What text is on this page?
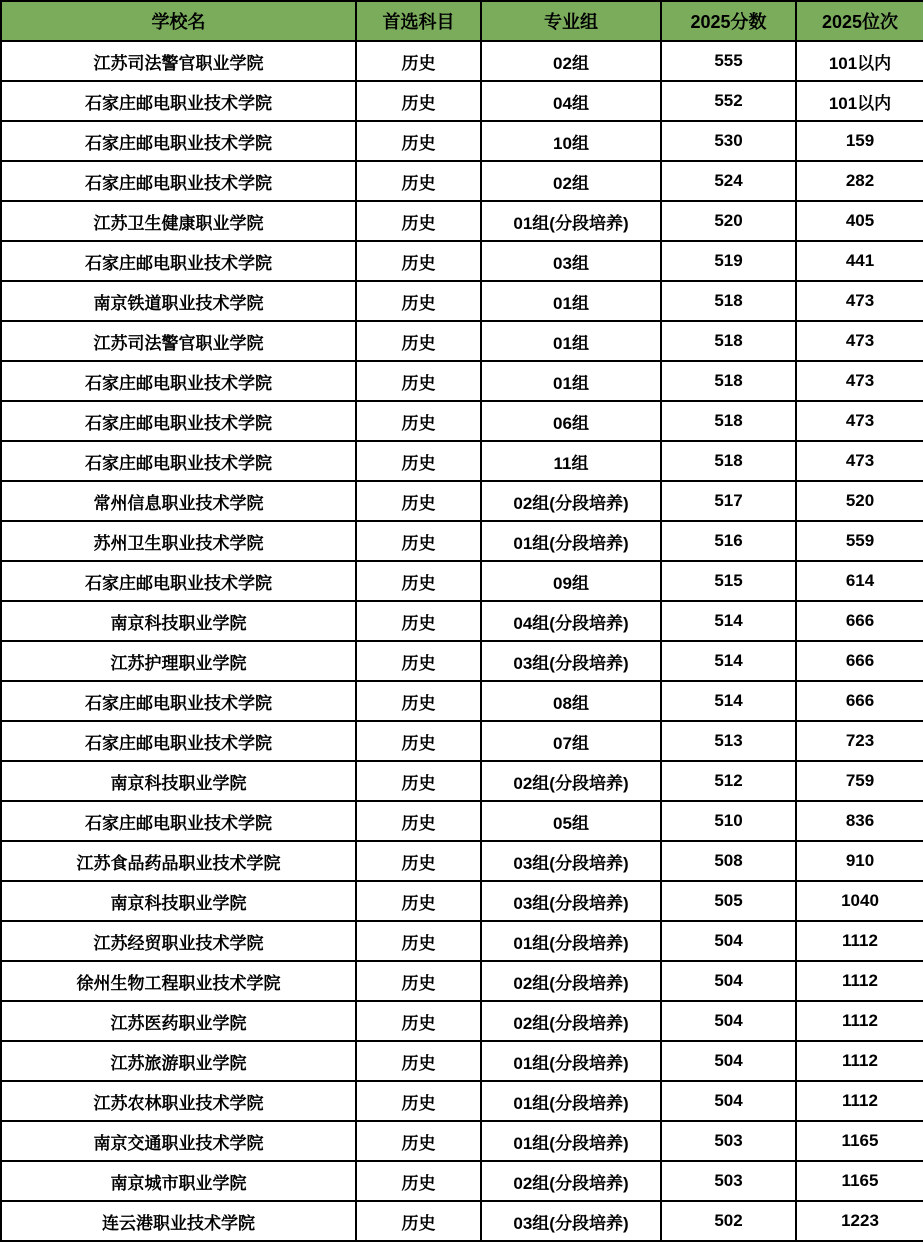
学校名	首选科目	专业组	2025分数	2025位次
江苏司法警官职业学院	历史	02组	555	101以内
石家庄邮电职业技术学院	历史	04组	552	101以内
石家庄邮电职业技术学院	历史	10组	530	159
石家庄邮电职业技术学院	历史	02组	524	282
江苏卫生健康职业学院	历史	01组(分段培养)	520	405
石家庄邮电职业技术学院	历史	03组	519	441
南京铁道职业技术学院	历史	01组	518	473
江苏司法警官职业学院	历史	01组	518	473
石家庄邮电职业技术学院	历史	01组	518	473
石家庄邮电职业技术学院	历史	06组	518	473
石家庄邮电职业技术学院	历史	11组	518	473
常州信息职业技术学院	历史	02组(分段培养)	517	520
苏州卫生职业技术学院	历史	01组(分段培养)	516	559
石家庄邮电职业技术学院	历史	09组	515	614
南京科技职业学院	历史	04组(分段培养)	514	666
江苏护理职业学院	历史	03组(分段培养)	514	666
石家庄邮电职业技术学院	历史	08组	514	666
石家庄邮电职业技术学院	历史	07组	513	723
南京科技职业学院	历史	02组(分段培养)	512	759
石家庄邮电职业技术学院	历史	05组	510	836
江苏食品药品职业技术学院	历史	03组(分段培养)	508	910
南京科技职业学院	历史	03组(分段培养)	505	1040
江苏经贸职业技术学院	历史	01组(分段培养)	504	1112
徐州生物工程职业技术学院	历史	02组(分段培养)	504	1112
江苏医药职业学院	历史	02组(分段培养)	504	1112
江苏旅游职业学院	历史	01组(分段培养)	504	1112
江苏农林职业技术学院	历史	01组(分段培养)	504	1112
南京交通职业技术学院	历史	01组(分段培养)	503	1165
南京城市职业学院	历史	02组(分段培养)	503	1165
连云港职业技术学院	历史	03组(分段培养)	502	1223
